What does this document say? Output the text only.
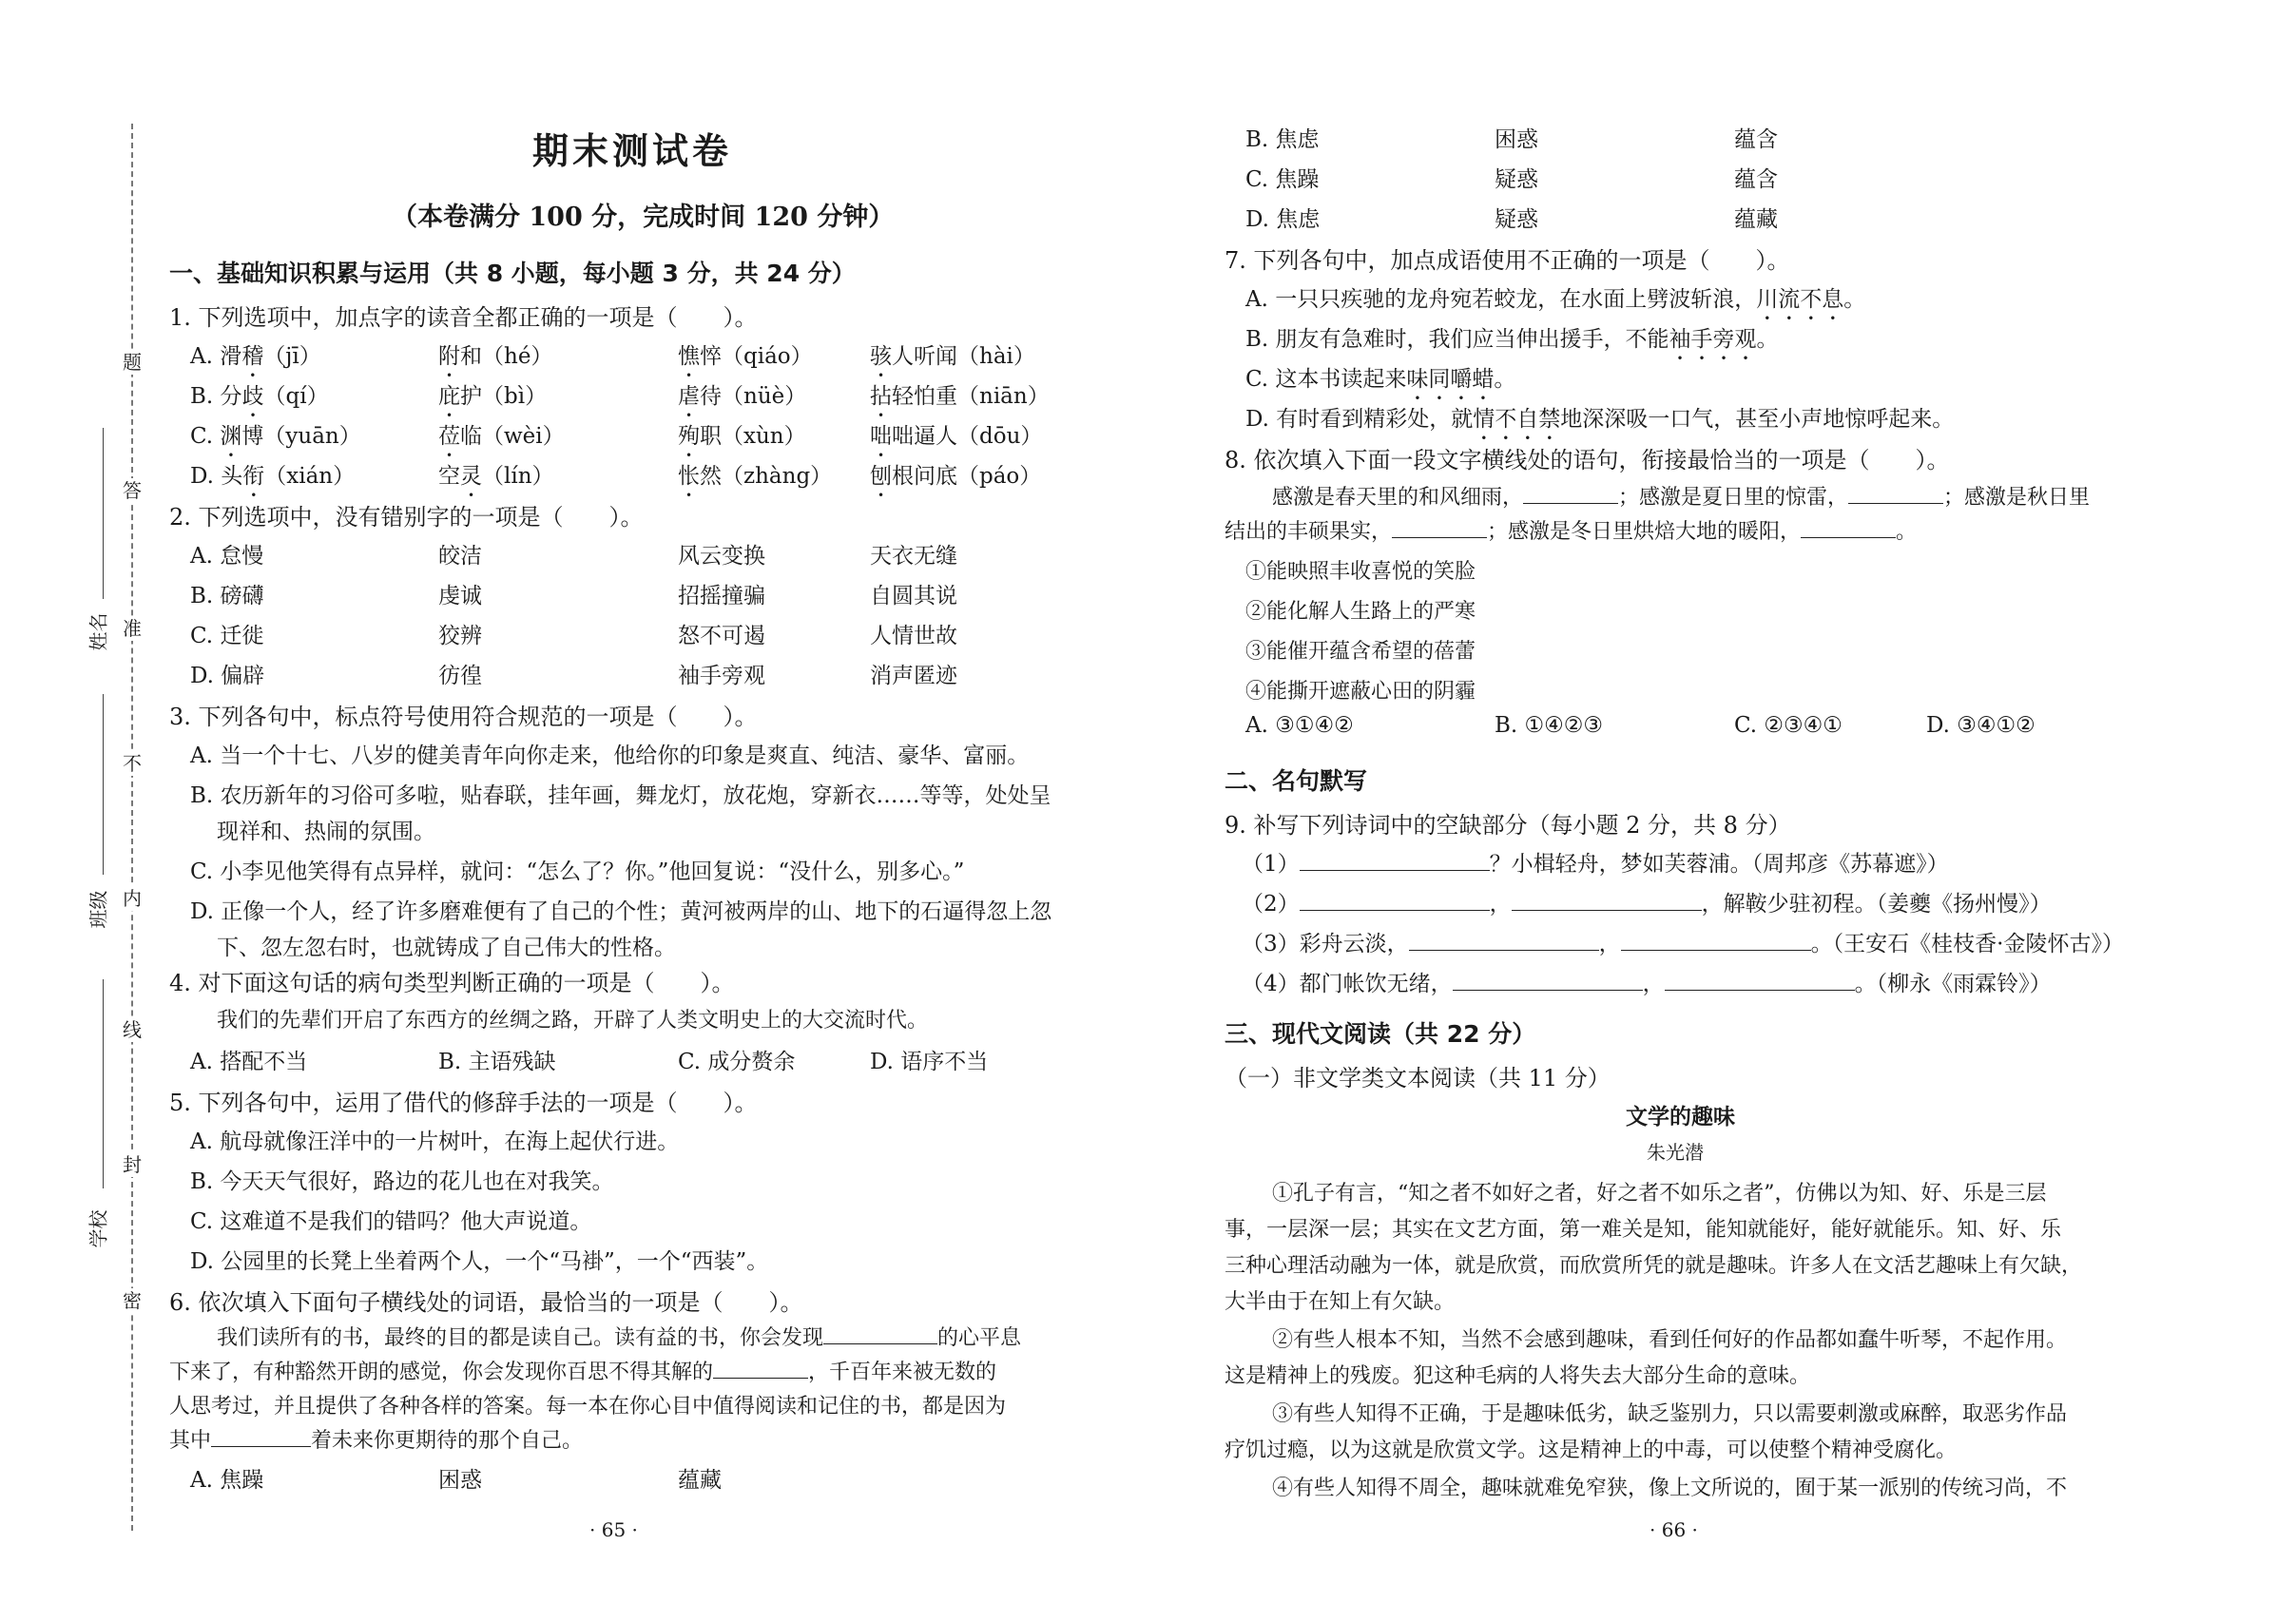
题
答
准
不
内
线
封
密
姓名
班级
学校
期末测试卷
（本卷满分 100 分，完成时间 120 分钟）
一、基础知识积累与运用（共 8 小题，每小题 3 分，共 24 分）
1. 下列选项中，加点字的读音全都正确的一项是（　　）。
A. 滑稽（jī）	附和（hé）	憔悴（qiáo）	骇人听闻（hài）
B. 分歧（qí）	庇护（bì）	虐待（nüè）	拈轻怕重（niān）
C. 渊博（yuān）	莅临（wèi）	殉职（xùn）	咄咄逼人（dōu）
D. 头衔（xián）	空灵（lín）	怅然（zhàng） 刨根问底（páo）
2. 下列选项中，没有错别字的一项是（　　）。
A. 怠慢	皎洁	风云变换	天衣无缝
B. 磅礴	虔诚	招摇撞骗	自圆其说
C. 迁徙	狡辨	怒不可遏	人情世故
D. 偏辟	彷徨	袖手旁观	消声匿迹
3. 下列各句中，标点符号使用符合规范的一项是（　　）。
A. 当一个十七、八岁的健美青年向你走来，他给你的印象是爽直、纯洁、豪华、富丽。
B. 农历新年的习俗可多啦，贴春联，挂年画，舞龙灯，放花炮，穿新衣……等等，处处呈
现祥和、热闹的氛围。
C. 小李见他笑得有点异样，就问：“怎么了？你。”他回复说：“没什么，别多心。”
D. 正像一个人，经了许多磨难便有了自己的个性；黄河被两岸的山、地下的石逼得忽上忽
下、忽左忽右时，也就铸成了自己伟大的性格。
4. 对下面这句话的病句类型判断正确的一项是（　　）。
我们的先辈们开启了东西方的丝绸之路，开辟了人类文明史上的大交流时代。
A. 搭配不当	B. 主语残缺	C. 成分赘余	D. 语序不当
5. 下列各句中，运用了借代的修辞手法的一项是（　　）。
A. 航母就像汪洋中的一片树叶，在海上起伏行进。
B. 今天天气很好，路边的花儿也在对我笑。
C. 这难道不是我们的错吗？他大声说道。
D. 公园里的长凳上坐着两个人，一个“马褂”，一个“西装”。
6. 依次填入下面句子横线处的词语，最恰当的一项是（　　）。
我们读所有的书，最终的目的都是读自己。读有益的书，你会发现	的心平息
下来了，有种豁然开朗的感觉，你会发现你百思不得其解的	，千百年来被无数的
人思考过，并且提供了各种各样的答案。每一本在你心目中值得阅读和记住的书，都是因为
其中	着未来你更期待的那个自己。
A. 焦躁	困惑	蕴藏
· 65 ·
B. 焦虑	困惑	蕴含
C. 焦躁	疑惑	蕴含
D. 焦虑	疑惑	蕴藏
7. 下列各句中，加点成语使用不正确的一项是（　　）。
A. 一只只疾驰的龙舟宛若蛟龙，在水面上劈波斩浪，川流不息。
B. 朋友有急难时，我们应当伸出援手，不能袖手旁观。
C. 这本书读起来味同嚼蜡。
D. 有时看到精彩处，就情不自禁地深深吸一口气，甚至小声地惊呼起来。
8. 依次填入下面一段文字横线处的语句，衔接最恰当的一项是（　　）。
感激是春天里的和风细雨，	；感激是夏日里的惊雷，	；感激是秋日里
结出的丰硕果实，	；感激是冬日里烘焙大地的暖阳，	。
①能映照丰收喜悦的笑脸
②能化解人生路上的严寒
③能催开蕴含希望的蓓蕾
④能撕开遮蔽心田的阴霾
A. ③①④②	B. ①④②③	C. ②③④①	D. ③④①②
二、名句默写
9. 补写下列诗词中的空缺部分（每小题 2 分，共 8 分）
（1）	？小楫轻舟，梦如芙蓉浦。（周邦彦《苏幕遮》）
（2）	，	，解鞍少驻初程。（姜夔《扬州慢》）
（3）彩舟云淡，	，	。（王安石《桂枝香·金陵怀古》）
（4）都门帐饮无绪，	，	。（柳永《雨霖铃》）
三、现代文阅读（共 22 分）
（一）非文学类文本阅读（共 11 分）
文学的趣味
朱光潜
①孔子有言，“知之者不如好之者，好之者不如乐之者”，仿佛以为知、好、乐是三层
事，一层深一层；其实在文艺方面，第一难关是知，能知就能好，能好就能乐。知、好、乐
三种心理活动融为一体，就是欣赏，而欣赏所凭的就是趣味。许多人在文活艺趣味上有欠缺，
大半由于在知上有欠缺。
②有些人根本不知，当然不会感到趣味，看到任何好的作品都如蠢牛听琴，不起作用。
这是精神上的残废。犯这种毛病的人将失去大部分生命的意味。
③有些人知得不正确，于是趣味低劣，缺乏鉴别力，只以需要刺激或麻醉，取恶劣作品
疗饥过瘾，以为这就是欣赏文学。这是精神上的中毒，可以使整个精神受腐化。
④有些人知得不周全，趣味就难免窄狭，像上文所说的，囿于某一派别的传统习尚，不
· 66 ·
